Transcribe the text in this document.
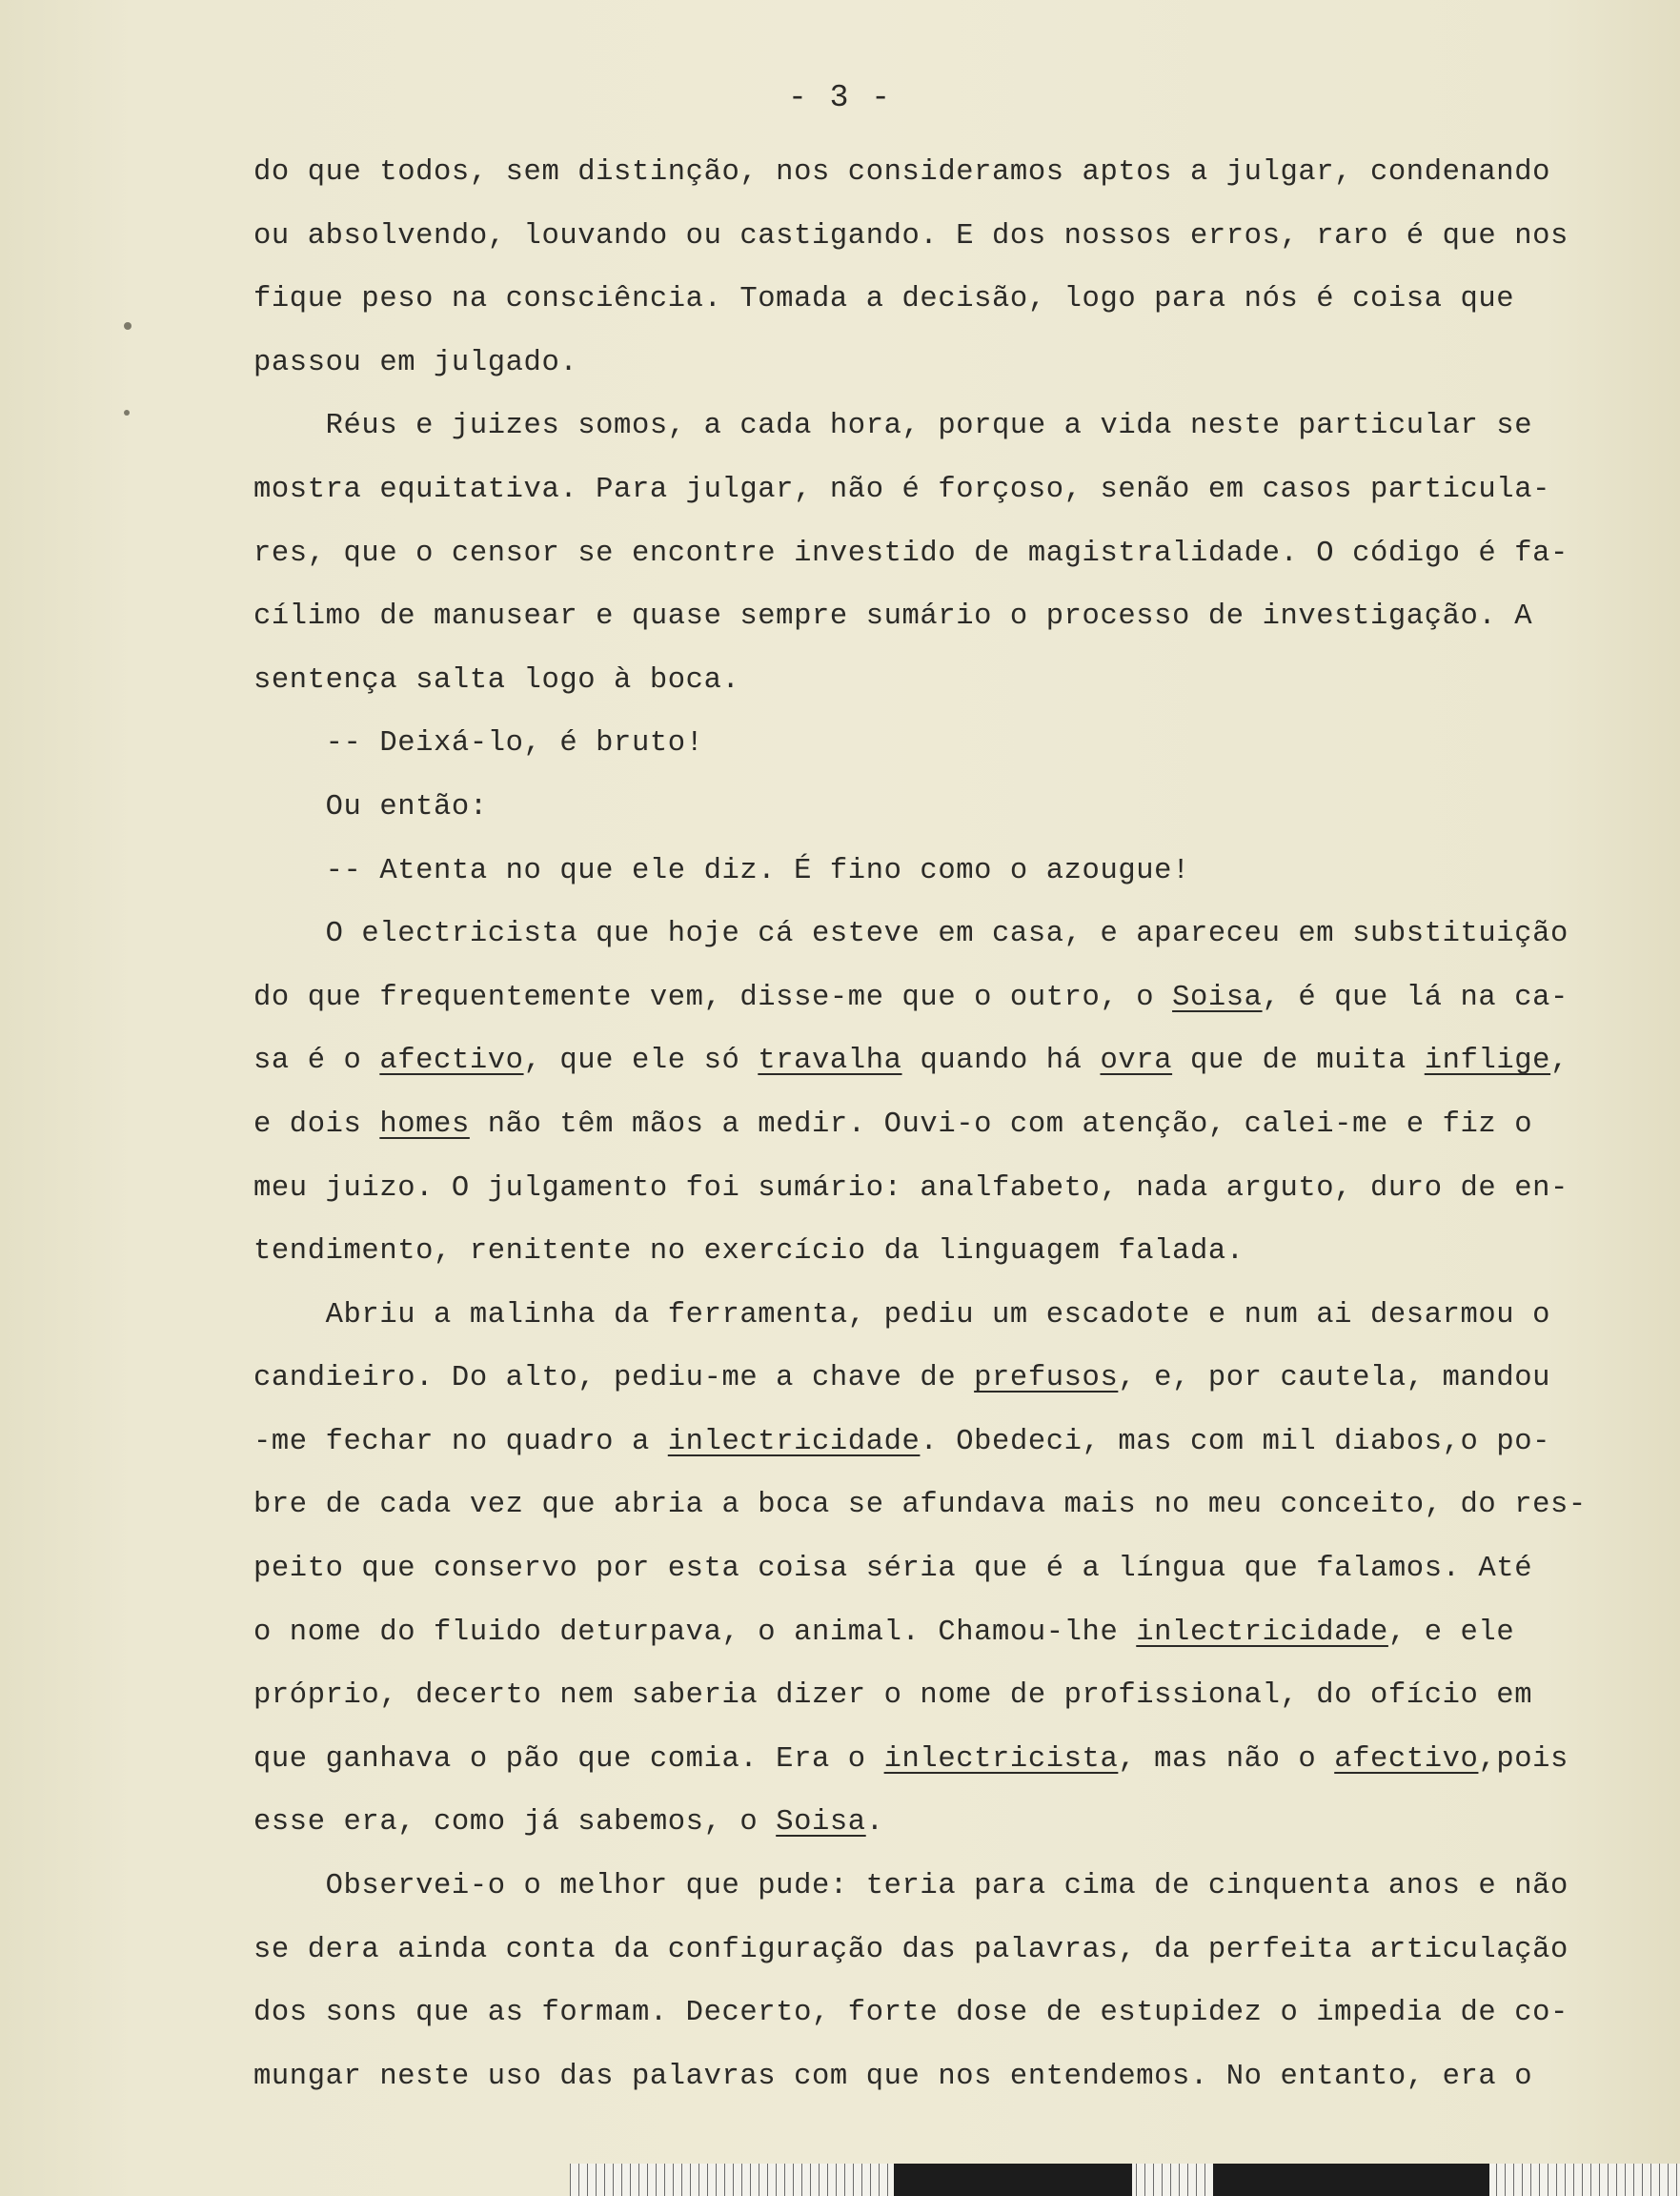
- 3 -
do que todos, sem distinção, nos consideramos aptos a julgar, condenando
ou absolvendo, louvando ou castigando. E dos nossos erros, raro é que nos
fique peso na consciência. Tomada a decisão, logo para nós é coisa que
passou em julgado.
Réus e juizes somos, a cada hora, porque a vida neste particular se
mostra equitativa. Para julgar, não é forçoso, senão em casos particula-
res, que o censor se encontre investido de magistralidade. O código é fa-
cílimo de manusear e quase sempre sumário o processo de investigação. A
sentença salta logo à boca.
-- Deixá-lo, é bruto!
Ou então:
-- Atenta no que ele diz. É fino como o azougue!
O electricista que hoje cá esteve em casa, e apareceu em substituição
do que frequentemente vem, disse-me que o outro, o Soisa, é que lá na ca-
sa é o afectivo, que ele só travalha quando há ovra que de muita inflige,
e dois homes não têm mãos a medir. Ouvi-o com atenção, calei-me e fiz o
meu juizo. O julgamento foi sumário: analfabeto, nada arguto, duro de en-
tendimento, renitente no exercício da linguagem falada.
Abriu a malinha da ferramenta, pediu um escadote e num ai desarmou o
candieiro. Do alto, pediu-me a chave de prefusos, e, por cautela, mandou
-me fechar no quadro a inlectricidade. Obedeci, mas com mil diabos,o po-
bre de cada vez que abria a boca se afundava mais no meu conceito, do res-
peito que conservo por esta coisa séria que é a língua que falamos. Até
o nome do fluido deturpava, o animal. Chamou-lhe inlectricidade, e ele
próprio, decerto nem saberia dizer o nome de profissional, do ofício em
que ganhava o pão que comia. Era o inlectricista, mas não o afectivo,pois
esse era, como já sabemos, o Soisa.
Observei-o o melhor que pude: teria para cima de cinquenta anos e não
se dera ainda conta da configuração das palavras, da perfeita articulação
dos sons que as formam. Decerto, forte dose de estupidez o impedia de co-
mungar neste uso das palavras com que nos entendemos. No entanto, era o
